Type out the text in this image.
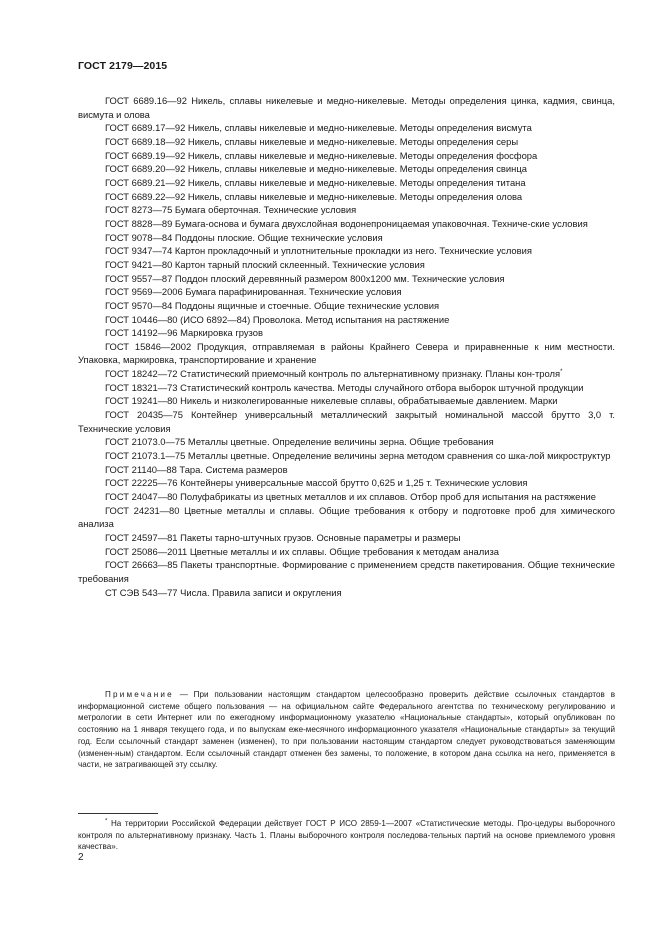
ГОСТ 2179—2015

ГОСТ 6689.16—92 Никель, сплавы никелевые и медно-никелевые. Методы определения цинка, кадмия, свинца, висмута и олова

ГОСТ 6689.17—92 Никель, сплавы никелевые и медно-никелевые. Методы определения висмута

ГОСТ 6689.18—92 Никель, сплавы никелевые и медно-никелевые. Методы определения серы

ГОСТ 6689.19—92 Никель, сплавы никелевые и медно-никелевые. Методы определения фосфора

ГОСТ 6689.20—92 Никель, сплавы никелевые и медно-никелевые. Методы определения свинца

ГОСТ 6689.21—92 Никель, сплавы никелевые и медно-никелевые. Методы определения титана

ГОСТ 6689.22—92 Никель, сплавы никелевые и медно-никелевые. Методы определения олова

ГОСТ 8273—75 Бумага оберточная. Технические условия

ГОСТ 8828—89 Бумага-основа и бумага двухслойная водонепроницаемая упаковочная. Техниче-ские условия

ГОСТ 9078—84 Поддоны плоские. Общие технические условия

ГОСТ 9347—74 Картон прокладочный и уплотнительные прокладки из него. Технические условия

ГОСТ 9421—80 Картон тарный плоский склеенный. Технические условия

ГОСТ 9557—87 Поддон плоский деревянный размером 800x1200 мм. Технические условия

ГОСТ 9569—2006 Бумага парафинированная. Технические условия

ГОСТ 9570—84 Поддоны ящичные и стоечные. Общие технические условия

ГОСТ 10446—80 (ИСО 6892—84) Проволока. Метод испытания на растяжение

ГОСТ 14192—96 Маркировка грузов

ГОСТ 15846—2002 Продукция, отправляемая в районы Крайнего Севера и приравненные к ним местности. Упаковка, маркировка, транспортирование и хранение

ГОСТ 18242—72 Статистический приемочный контроль по альтернативному признаку. Планы кон-троля*

ГОСТ 18321—73 Статистический контроль качества. Методы случайного отбора выборок штучной продукции

ГОСТ 19241—80 Никель и низколегированные никелевые сплавы, обрабатываемые давлением. Марки

ГОСТ 20435—75 Контейнер универсальный металлический закрытый номинальной массой брутто 3,0 т. Технические условия

ГОСТ 21073.0—75 Металлы цветные. Определение величины зерна. Общие требования

ГОСТ 21073.1—75 Металлы цветные. Определение величины зерна методом сравнения со шка-лой микроструктур

ГОСТ 21140—88 Тара. Система размеров

ГОСТ 22225—76 Контейнеры универсальные массой брутто 0,625 и 1,25 т. Технические условия

ГОСТ 24047—80 Полуфабрикаты из цветных металлов и их сплавов. Отбор проб для испытания на растяжение

ГОСТ 24231—80 Цветные металлы и сплавы. Общие требования к отбору и подготовке проб для химического анализа

ГОСТ 24597—81 Пакеты тарно-штучных грузов. Основные параметры и размеры

ГОСТ 25086—2011 Цветные металлы и их сплавы. Общие требования к методам анализа

ГОСТ 26663—85 Пакеты транспортные. Формирование с применением средств пакетирования. Общие технические требования

СТ СЭВ 543—77 Числа. Правила записи и округления

Примечание — При пользовании настоящим стандартом целесообразно проверить действие ссылочных стандартов в информационной системе общего пользования — на официальном сайте Федерального агентства по техническому регулированию и метрологии в сети Интернет или по ежегодному информационному указателю «Национальные стандарты», который опубликован по состоянию на 1 января текущего года, и по выпускам еже-месячного информационного указателя «Национальные стандарты» за текущий год. Если ссылочный стандарт заменен (изменен), то при пользовании настоящим стандартом следует руководствоваться заменяющим (изменен-ным) стандартом. Если ссылочный стандарт отменен без замены, то положение, в котором дана ссылка на него, применяется в части, не затрагивающей эту ссылку.

* На территории Российской Федерации действует ГОСТ Р ИСО 2859-1—2007 «Статистические методы. Про-цедуры выборочного контроля по альтернативному признаку. Часть 1. Планы выборочного контроля последова-тельных партий на основе приемлемого уровня качества».

2
